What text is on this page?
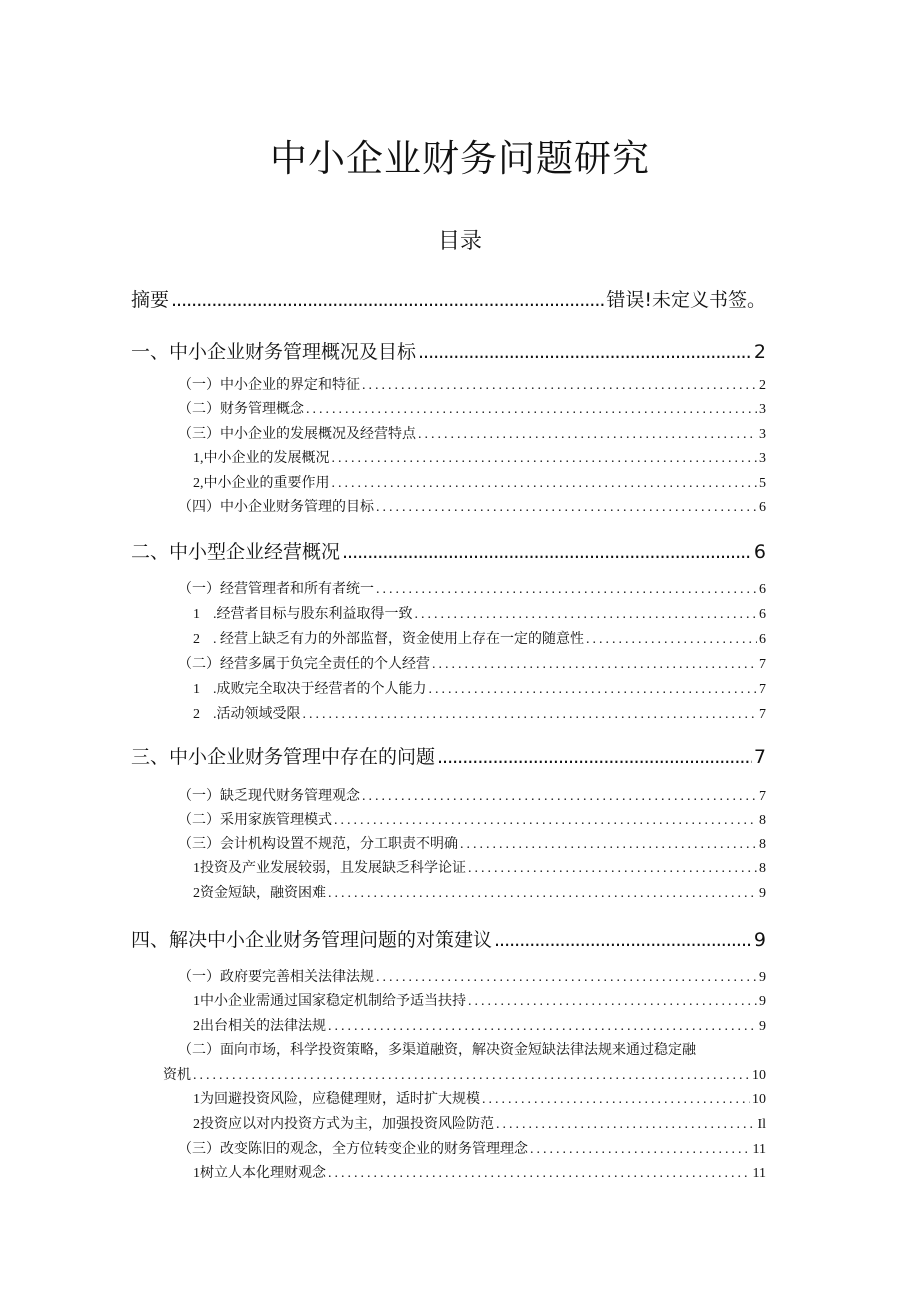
中小企业财务问题研究
目录
摘要 .....	错误!未定义书签。
一、中小企业财务管理概况及目标 .....	2
（一）中小企业的界定和特征 .....	2
（二）财务管理概念 .....	3
（三）中小企业的发展概况及经营特点 .....	3
1,中小企业的发展概况 .....	3
2,中小企业的重要作用 .....	5
（四）中小企业财务管理的目标 .....	6
二、中小型企业经营概况 .....	6
（一）经营管理者和所有者统一 .....	6
1 .经营者目标与股东利益取得一致 .....	6
2 . 经营上缺乏有力的外部监督，资金使用上存在一定的随意性 .....	6
（二）经营多属于负完全责任的个人经营 .....	7
1 .成败完全取决于经营者的个人能力 .....	7
2 .活动领域受限 .....	7
三、中小企业财务管理中存在的问题 .....	7
（一）缺乏现代财务管理观念 .....	7
（二）采用家族管理模式 .....	8
（三）会计机构设置不规范，分工职责不明确 .....	8
1投资及产业发展较弱，且发展缺乏科学论证 .....	8
2资金短缺，融资困难 .....	9
四、解决中小企业财务管理问题的对策建议 .....	9
（一）政府要完善相关法律法规 .....	9
1中小企业需通过国家稳定机制给予适当扶持 .....	9
2出台相关的法律法规 .....	9
（二）面向市场，科学投资策略，多渠道融资，解决资金短缺法律法规来通过稳定融
资机 .....	10
1为回避投资风险，应稳健理财，适时扩大规模 .....	10
2投资应以对内投资方式为主，加强投资风险防范 .....	Il
（三）改变陈旧的观念，全方位转变企业的财务管理理念 .....	11
1树立人本化理财观念 .....	11
